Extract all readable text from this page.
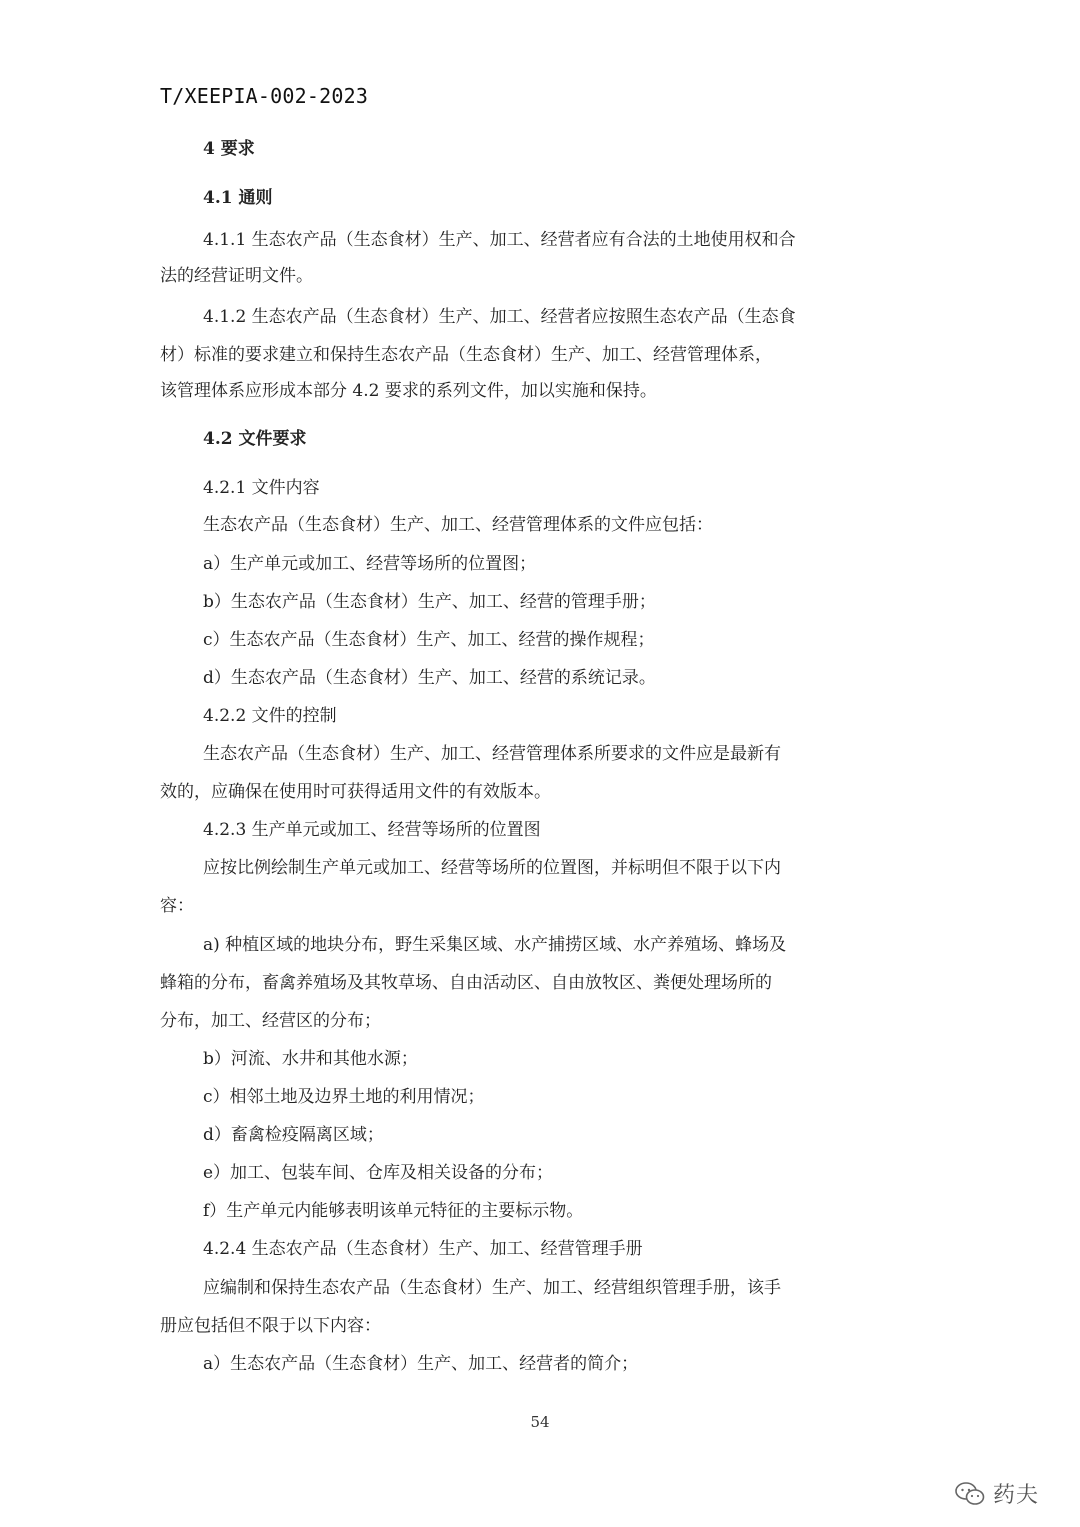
T/XEEPIA-002-2023
4 要求
4.1 通则
4.1.1 生态农产品（生态食材）生产、加工、经营者应有合法的土地使用权和合
法的经营证明文件。
4.1.2 生态农产品（生态食材）生产、加工、经营者应按照生态农产品（生态食
材）标准的要求建立和保持生态农产品（生态食材）生产、加工、经营管理体系，
该管理体系应形成本部分 4.2 要求的系列文件，加以实施和保持。
4.2 文件要求
4.2.1 文件内容
生态农产品（生态食材）生产、加工、经营管理体系的文件应包括：
a）生产单元或加工、经营等场所的位置图；
b）生态农产品（生态食材）生产、加工、经营的管理手册；
c）生态农产品（生态食材）生产、加工、经营的操作规程；
d）生态农产品（生态食材）生产、加工、经营的系统记录。
4.2.2 文件的控制
生态农产品（生态食材）生产、加工、经营管理体系所要求的文件应是最新有
效的，应确保在使用时可获得适用文件的有效版本。
4.2.3 生产单元或加工、经营等场所的位置图
应按比例绘制生产单元或加工、经营等场所的位置图，并标明但不限于以下内
容：
a) 种植区域的地块分布，野生采集区域、水产捕捞区域、水产养殖场、蜂场及
蜂箱的分布，畜禽养殖场及其牧草场、自由活动区、自由放牧区、粪便处理场所的
分布，加工、经营区的分布；
b）河流、水井和其他水源；
c）相邻土地及边界土地的利用情况；
d）畜禽检疫隔离区域；
e）加工、包装车间、仓库及相关设备的分布；
f）生产单元内能够表明该单元特征的主要标示物。
4.2.4 生态农产品（生态食材）生产、加工、经营管理手册
应编制和保持生态农产品（生态食材）生产、加工、经营组织管理手册，该手
册应包括但不限于以下内容：
a）生态农产品（生态食材）生产、加工、经营者的简介；
54
药夫
